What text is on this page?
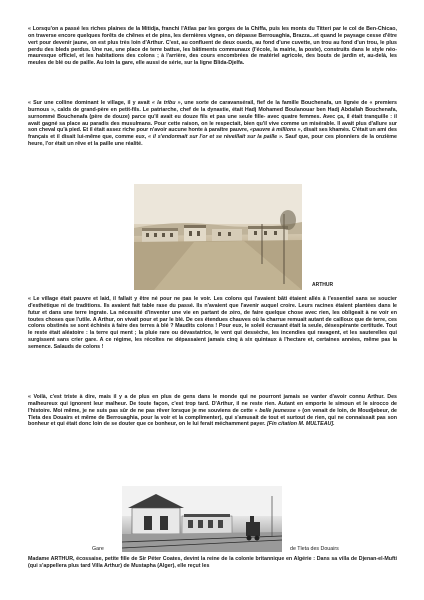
« Lorsqu'on a passé les riches plaines de la Mitidja, franchi l'Atlas par les gorges de la Chiffa, puis les monts du Titteri par le col de Ben-Chicao, on traverse encore quelques forêts de chênes et de pins, les dernières vignes, on dépasse Berrouaghia, Brazza...et quand le paysage cesse d'être vert pour devenir jaune, on est plus très loin d'Arthur. C'est, au confluent de deux oueds, au fond d'une cuvette, un trou au fond d'un trou, le plus perdu des bleds perdus. Une rue, une place de terre battue, les bâtiments communaux (l'école, la mairie, la poste), construits dans le style néo-mauresque officiel, et les habitations des colons ; à l'arrière, des cours encombrées de matériel agricole, des bouts de jardin et, au-delà, les meules de blé ou de paille. Au loin la gare, elle aussi de série, sur la ligne Blida-Djelfa.

« Sur une colline dominant le village, il y avait « la tribu », une sorte de caravansérail, fief de la famille Bouchenafa, un lignée de « premiers burnous », caïds de grand-père en petit-fils. Le patriarche, chef de la dynastie, était Hadj Mohamed Boulanouar ben Hadj Abdallah Bouchenafa, surnommé Bouchenafa (père de douze) parce qu'il avait eu douze fils et pas une seule fille- avec quatre femmes. Avec ça, il était tranquille : il avait gagné sa place au paradis des musulmans. Pour cette raison, on le respectait, bien qu'il vive comme un misérable. Il avait plus d'allure sur son cheval qu'à pied. Et il était assez riche pour n'avoir aucune honte à paraître pauvre, «pauvre à millions », disait ses khamès. C'était un ami des français et il disait lui-même que, comme eux, « il s'endormait sur l'or et se réveillait sur la paille ». Sauf que, pour ces pionniers de la onzième heure, l'or était un rêve et la paille une réalité.

ARTHUR

« Le village était pauvre et laid, il fallait y être né pour ne pas le voir. Les colons qui l'avaient bâti étaient allés à l'essentiel sans se soucier d'esthétique ni de traditions. Ils avaient fait table rase du passé. Ils n'avaient que l'avenir auquel croire. Leurs racines étaient plantées dans le futur et dans une terre ingrate. La nécessité d'inventer une vie en partant de zéro, de faire quelque chose avec rien, les obligeait à ne voir en toutes choses que l'utile. A Arthur, on vivait pour et par le blé. De ces étendues chauves où la charrue remuait autant de cailloux que de terre, ces colons obstinés se sont échinés à faire des terres à blé ? Maudits colons ! Pour eux, le soleil écrasant était la seule, désespérante certitude. Tout le reste était aléatoire : la terre qui ment ; la pluie rare ou dévastatrice, le vent qui dessèche, les incendies qui ravagent, et les sauterelles qui surgissent sans crier gare. A ce régime, les récoltes ne dépassaient jamais cinq à six quintaux à l'hectare et, certaines années, même pas la semence. Salauds de colons !

« Voilà, c'est triste à dire, mais il y a de plus en plus de gens dans le monde qui ne pourront jamais se vanter d'avoir connu Arthur. Des malheureux qui ignorent leur malheur. De toute façon, c'est trop tard. D'Arthur, il ne reste rien. Autant en emporte le simoun et le sirocco de l'histoire. Moi même, je ne suis pas sûr de ne pas rêver lorsque je me souviens de cette « belle jeunesse » (on venait de loin, de Moudjebeur, de Tleta des Douairs et même de Berrouaghia, pour la voir et la complimenter), qui s'amusait de tout et surtout de rien, qui ne connaissait pas son bonheur et qui était donc loin de se douter que ce bonheur, on le lui ferait méchamment payer. [Fin citation M. MULTEAU].

Gare	de Tleta des Douairs

Madame ARTHUR, écossaise, petite fille de Sir Péter Coates, devint la reine de la colonie britannique en Algérie : Dans sa villa de Djenan-el-Mufti (qui s'appellera plus tard Villa Arthur) de Mustapha (Alger), elle reçut les
